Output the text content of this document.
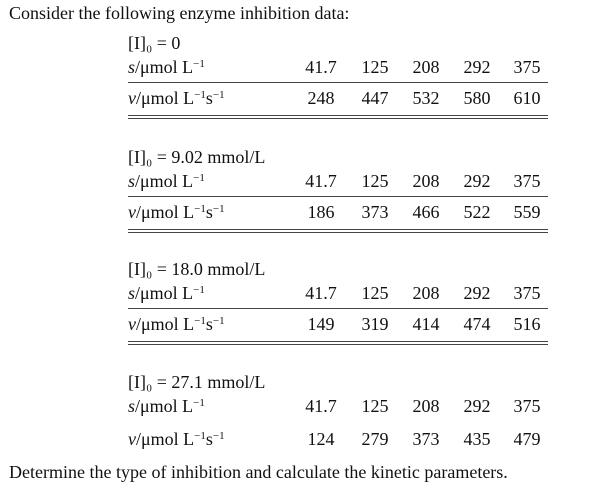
Consider the following enzyme inhibition data:
[I]₀ = 0
s/μmol $L^{-1}$	41.7	125	208	292	375
v/μmol $L^{-1}s^{-1}$	248	447	532	580	610
[I]₀ = 9.02 mmol/L
s/μmol $L^{-1}$	41.7	125	208	292	375
v/μmol $L^{-1}s^{-1}$	186	373	466	522	559
[I]₀ = 18.0 mmol/L
s/μmol $L^{-1}$	41.7	125	208	292	375
v/μmol $L^{-1}s^{-1}$	149	319	414	474	516
[I]₀ = 27.1 mmol/L
s/μmol $L^{-1}$	41.7	125	208	292	375
v/μmol $L^{-1}s^{-1}$	124	279	373	435	479
Determine the type of inhibition and calculate the kinetic parameters.
